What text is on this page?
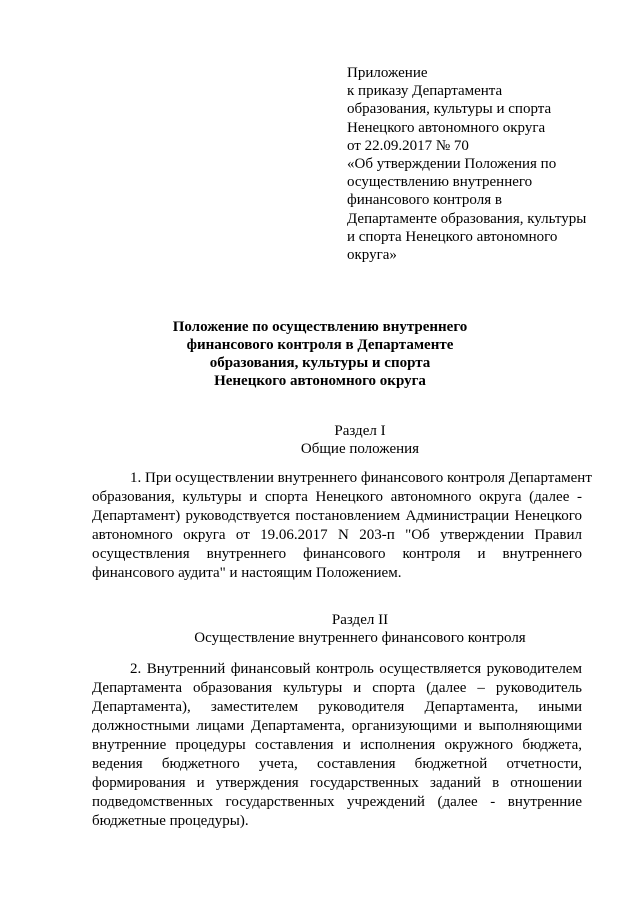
Приложение
к приказу Департамента
образования, культуры и спорта
Ненецкого автономного округа
от 22.09.2017 № 70
«Об утверждении Положения по
осуществлению внутреннего
финансового контроля в
Департаменте образования, культуры
и спорта Ненецкого автономного
округа»
Положение по осуществлению внутреннего
финансового контроля в Департаменте
образования, культуры и спорта
Ненецкого автономного округа
Раздел I
Общие положения
1. При осуществлении внутреннего финансового контроля Департамент
образования, культуры и спорта Ненецкого автономного округа (далее -
Департамент) руководствуется постановлением Администрации Ненецкого
автономного округа от 19.06.2017 N 203-п "Об утверждении Правил
осуществления внутреннего финансового контроля и внутреннего
финансового аудита" и настоящим Положением.
Раздел II
Осуществление внутреннего финансового контроля
2. Внутренний финансовый контроль осуществляется руководителем
Департамента образования культуры и спорта (далее – руководитель
Департамента), заместителем руководителя Департамента, иными
должностными лицами Департамента, организующими и выполняющими
внутренние процедуры составления и исполнения окружного бюджета,
ведения бюджетного учета, составления бюджетной отчетности,
формирования и утверждения государственных заданий в отношении
подведомственных государственных учреждений (далее - внутренние
бюджетные процедуры).
